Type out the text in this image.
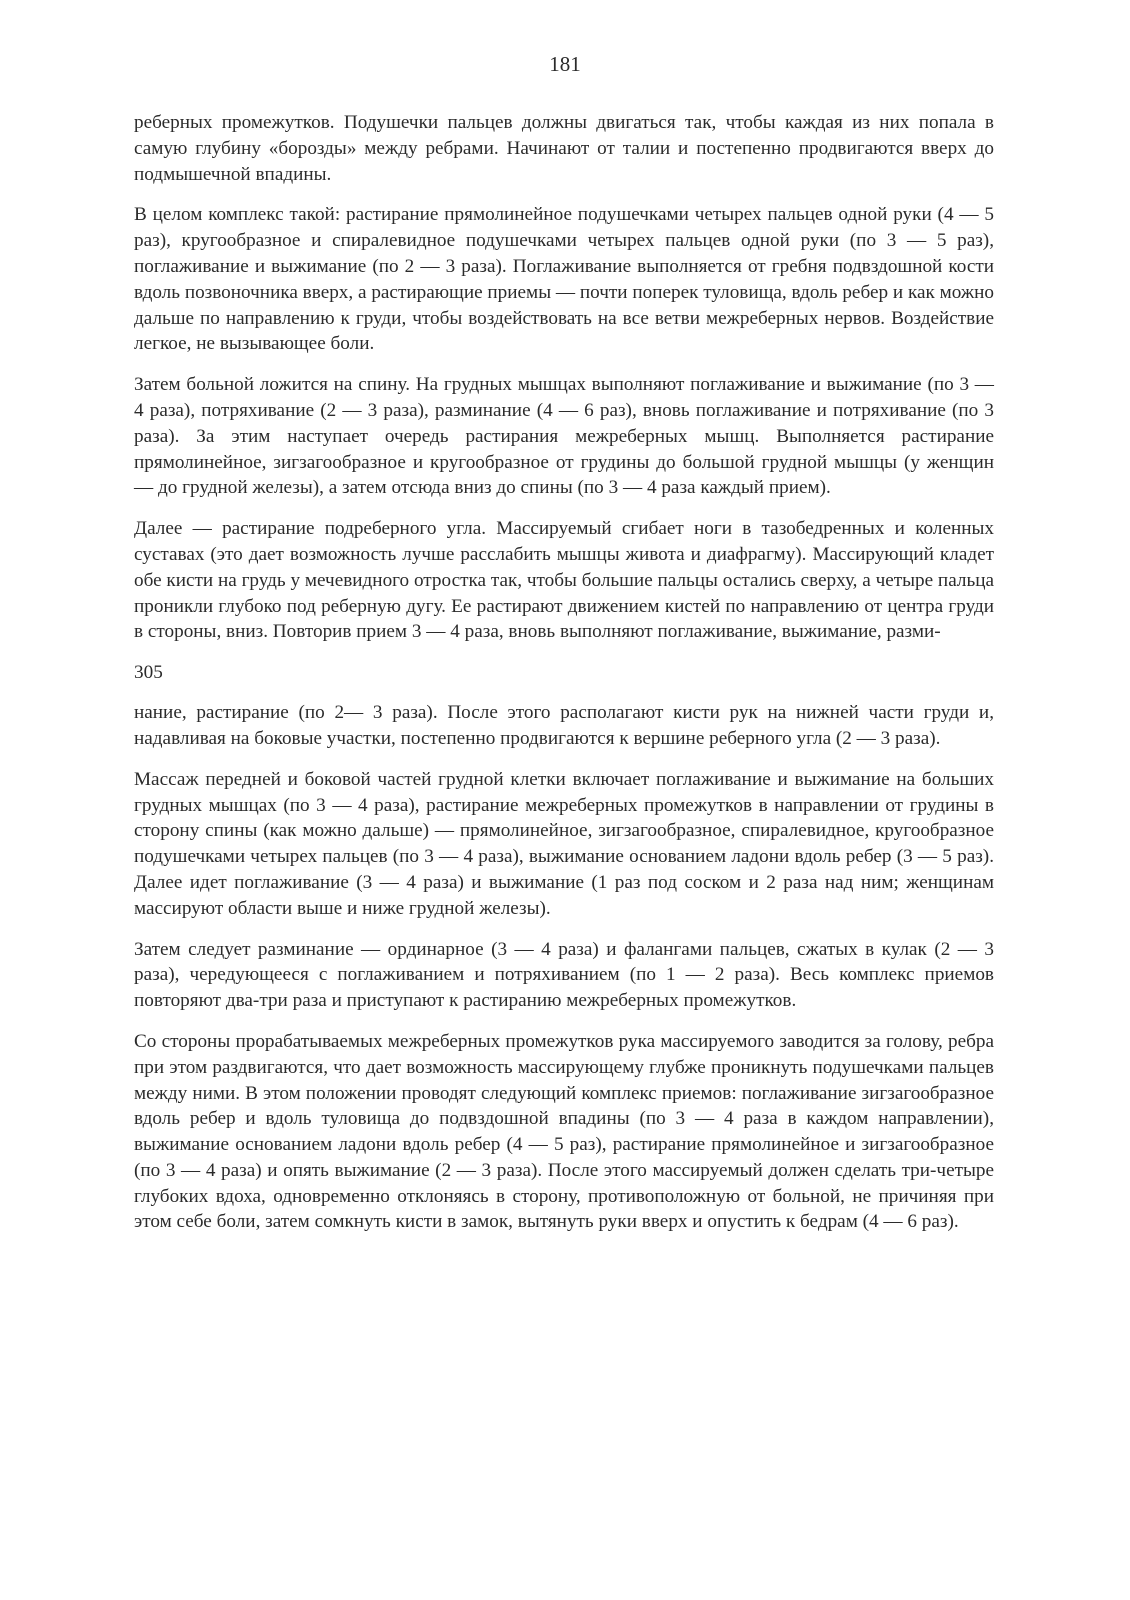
181

реберных промежутков. Подушечки пальцев должны двигаться так, чтобы каждая из них попала в самую глубину «борозды» между ребрами. Начинают от талии и постепенно продвигаются вверх до подмышечной впадины.

В целом комплекс такой: растирание прямолинейное подушечками четырех пальцев одной руки (4 — 5 раз), кругообразное и спиралевидное подушечками четырех пальцев одной руки (по 3 — 5 раз), поглаживание и выжимание (по 2 — 3 раза). Поглаживание выполняется от гребня подвздошной кости вдоль позвоночника вверх, а растирающие приемы — почти поперек туловища, вдоль ребер и как можно дальше по направлению к груди, чтобы воздействовать на все ветви межреберных нервов. Воздействие легкое, не вызывающее боли.

Затем больной ложится на спину. На грудных мышцах выполняют поглаживание и выжимание (по 3 — 4 раза), потряхивание (2 — 3 раза), разминание (4 — 6 раз), вновь поглаживание и потряхивание (по 3 раза). За этим наступает очередь растирания межреберных мышц. Выполняется растирание прямолинейное, зигзагообразное и кругообразное от грудины до большой грудной мышцы (у женщин — до грудной железы), а затем отсюда вниз до спины (по 3 — 4 раза каждый прием).

Далее — растирание подреберного угла. Массируемый сгибает ноги в тазобедренных и коленных суставах (это дает возможность лучше расслабить мышцы живота и диафрагму). Массирующий кладет обе кисти на грудь у мечевидного отростка так, чтобы большие пальцы остались сверху, а четыре пальца проникли глубоко под реберную дугу. Ее растирают движением кистей по направлению от центра груди в стороны, вниз. Повторив прием 3 — 4 раза, вновь выполняют поглаживание, выжимание, разми-

305

нание, растирание (по 2— 3 раза). После этого располагают кисти рук на нижней части груди и, надавливая на боковые участки, постепенно продвигаются к вершине реберного угла (2 — 3 раза).

Массаж передней и боковой частей грудной клетки включает поглаживание и выжимание на больших грудных мышцах (по 3 — 4 раза), растирание межреберных промежутков в направлении от грудины в сторону спины (как можно дальше) — прямолинейное, зигзагообразное, спиралевидное, кругообразное подушечками четырех пальцев (по 3 — 4 раза), выжимание основанием ладони вдоль ребер (3 — 5 раз). Далее идет поглаживание (3 — 4 раза) и выжимание (1 раз под соском и 2 раза над ним; женщинам массируют области выше и ниже грудной железы).

Затем следует разминание — ординарное (3 — 4 раза) и фалангами пальцев, сжатых в кулак (2 — 3 раза), чередующееся с поглаживанием и потряхиванием (по 1 — 2 раза). Весь комплекс приемов повторяют два-три раза и приступают к растиранию межреберных промежутков.

Со стороны прорабатываемых межреберных промежутков рука массируемого заводится за голову, ребра при этом раздвигаются, что дает возможность массирующему глубже проникнуть подушечками пальцев между ними. В этом положении проводят следующий комплекс приемов: поглаживание зигзагообразное вдоль ребер и вдоль туловища до подвздошной впадины (по 3 — 4 раза в каждом направлении), выжимание основанием ладони вдоль ребер (4 — 5 раз), растирание прямолинейное и зигзагообразное (по 3 — 4 раза) и опять выжимание (2 — 3 раза). После этого массируемый должен сделать три-четыре глубоких вдоха, одновременно отклоняясь в сторону, противоположную от больной, не причиняя при этом себе боли, затем сомкнуть кисти в замок, вытянуть руки вверх и опустить к бедрам (4 — 6 раз).
